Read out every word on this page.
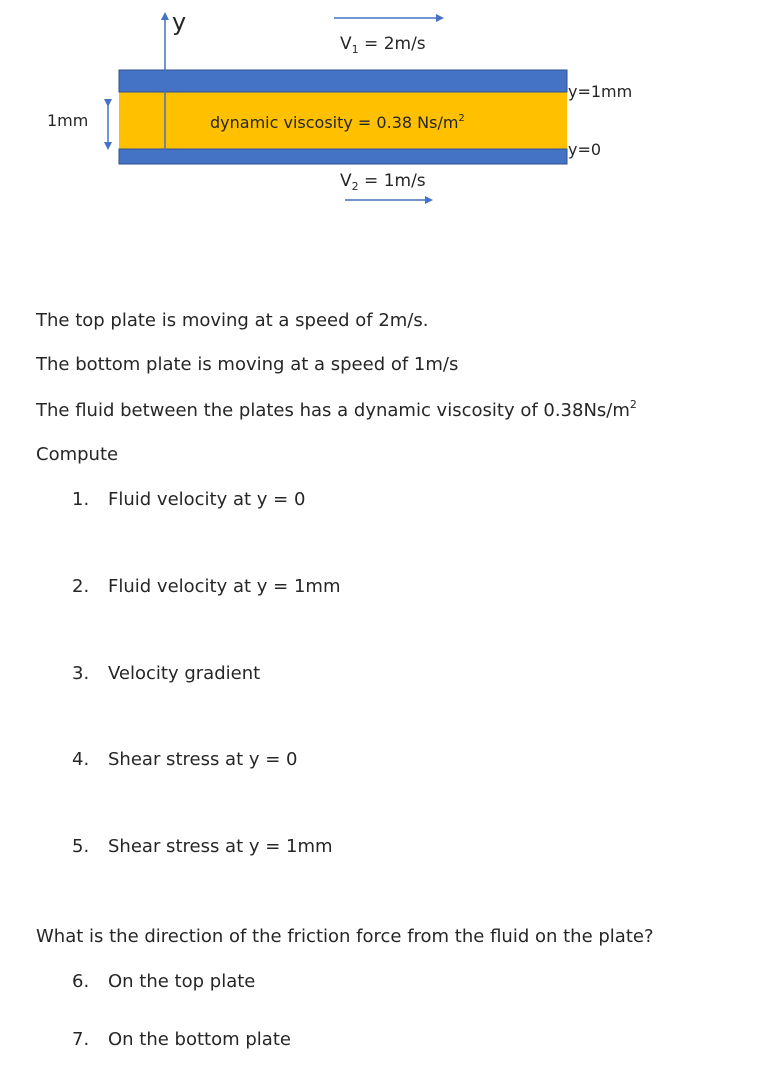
y
$V_1 = 2m/s$
$V_2 = 1m/s$
1mm	dynamic viscosity = 0.38 $Ns/m^2$
y=1mm
y=0
The top plate is moving at a speed of 2m/s.
The bottom plate is moving at a speed of 1m/s
The fluid between the plates has a dynamic viscosity of $0.38Ns/m^2$
Compute
1. Fluid velocity at y = 0
2. Fluid velocity at y = 1mm
3. Velocity gradient
4. Shear stress at y = 0
5. Shear stress at y = 1mm
What is the direction of the friction force from the fluid on the plate?
6. On the top plate
7. On the bottom plate
